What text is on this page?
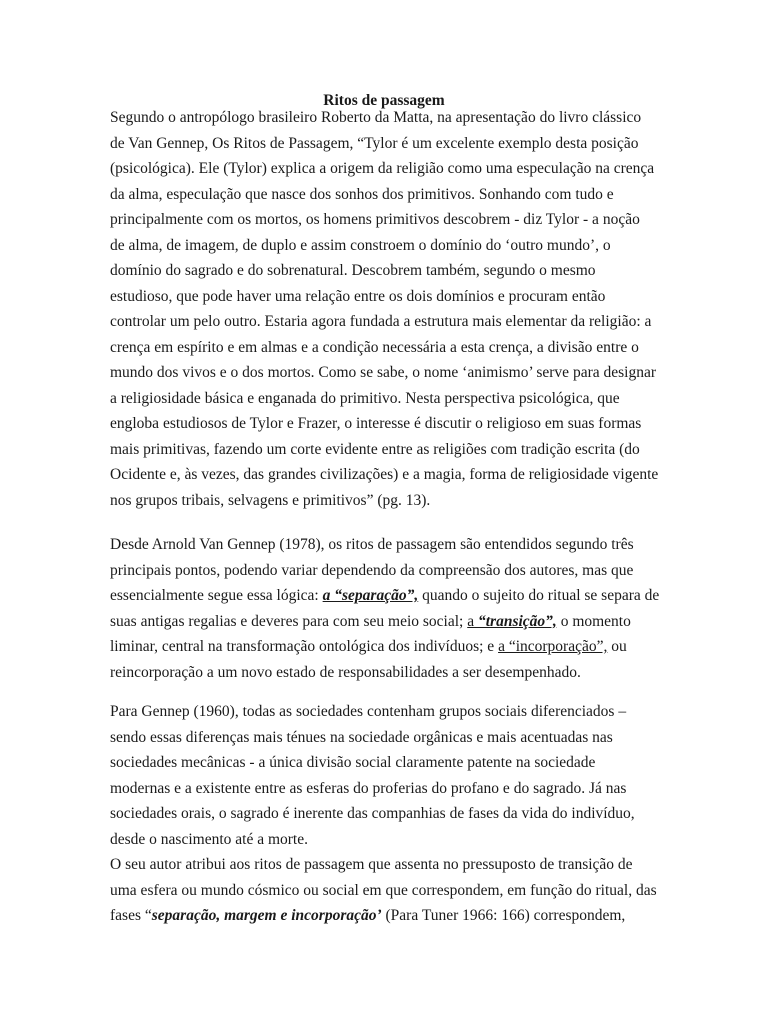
Ritos de passagem
Segundo o antropólogo brasileiro Roberto da Matta, na apresentação do livro clássico
de Van Gennep, Os Ritos de Passagem, “Tylor é um excelente exemplo desta posição
(psicológica). Ele (Tylor) explica a origem da religião como uma especulação na crença
da alma, especulação que nasce dos sonhos dos primitivos. Sonhando com tudo e
principalmente com os mortos, os homens primitivos descobrem - diz Tylor - a noção
de alma, de imagem, de duplo e assim constroem o domínio do ‘outro mundo’, o
domínio do sagrado e do sobrenatural. Descobrem também, segundo o mesmo
estudioso, que pode haver uma relação entre os dois domínios e procuram então
controlar um pelo outro. Estaria agora fundada a estrutura mais elementar da religião: a
crença em espírito e em almas e a condição necessária a esta crença, a divisão entre o
mundo dos vivos e o dos mortos. Como se sabe, o nome ‘animismo’ serve para designar
a religiosidade básica e enganada do primitivo. Nesta perspectiva psicológica, que
engloba estudiosos de Tylor e Frazer, o interesse é discutir o religioso em suas formas
mais primitivas, fazendo um corte evidente entre as religiões com tradição escrita (do
Ocidente e, às vezes, das grandes civilizações) e a magia, forma de religiosidade vigente
nos grupos tribais, selvagens e primitivos” (pg. 13).
Desde Arnold Van Gennep (1978), os ritos de passagem são entendidos segundo três
principais pontos, podendo variar dependendo da compreensão dos autores, mas que
essencialmente segue essa lógica: a “separação”, quando o sujeito do ritual se separa de
suas antigas regalias e deveres para com seu meio social; a “transição”, o momento
liminar, central na transformação ontológica dos indivíduos; e a “incorporação”, ou
reincorporação a um novo estado de responsabilidades a ser desempenhado.
Para Gennep (1960), todas as sociedades contenham grupos sociais diferenciados –
sendo essas diferenças mais ténues na sociedade orgânicas e mais acentuadas nas
sociedades mecânicas - a única divisão social claramente patente na sociedade
modernas e a existente entre as esferas do proferias do profano e do sagrado. Já nas
sociedades orais, o sagrado é inerente das companhias de fases da vida do indivíduo,
desde o nascimento até a morte.
O seu autor atribui aos ritos de passagem que assenta no pressuposto de transição de
uma esfera ou mundo cósmico ou social em que correspondem, em função do ritual, das
fases “separação, margem e incorporação’ (Para Tuner 1966: 166) correspondem,
